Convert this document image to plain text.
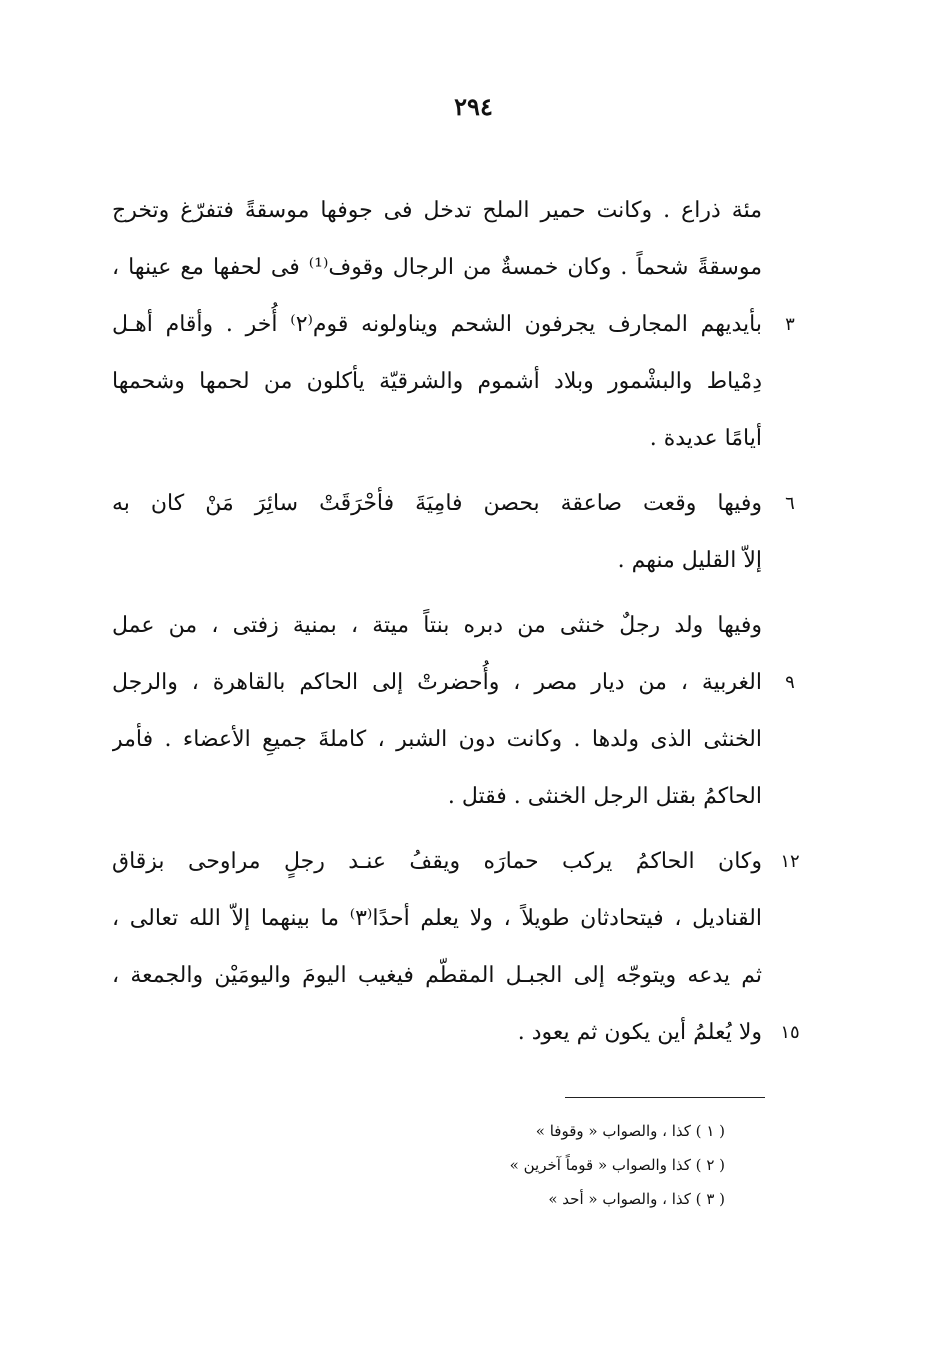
٢٩٤
مئة ذراع . وكانت حمير الملح تدخل فى جوفها موسقةً فتفرّغ وتخرج
موسقةً شحماً . وكان خمسةٌ من الرجال وقوف⁽¹⁾ فى لحفها مع عينها ،
بأيديهم المجارف يجرفون الشحم ويناولونه قوم⁽٢⁾ أُخر . وأقام أهـل
دِمْياط والبشْمور وبلاد أشموم والشرقيّة يأكلون من لحمها وشحمها
أيامًا عديدة .
وفيها وقعت صاعقة بحصن فامِيَةَ فأحْرَقَتْ سائِرَ مَنْ كان به
إلاّ القليل منهم .
وفيها ولد رجلٌ خنثى من دبره بنتاً ميتة ، بمنية زفتى ، من عمل
الغربية ، من ديار مصر ، وأُحضرتْ إلى الحاكم بالقاهرة ، والرجل
الخنثى الذى ولدها . وكانت دون الشبر ، كاملةَ جميعِ الأعضاء . فأمر
الحاكمُ بقتل الرجل الخنثى . فقتل .
وكان الحاكمُ يركب حمارَه ويقفُ عنـد رجلٍ مراوحى بزقاق
القناديل ، فيتحادثان طويلاً ، ولا يعلم أحدًا⁽٣⁾ ما بينهما إلاّ الله تعالى ،
ثم يدعه ويتوجّه إلى الجبـل المقطّم فيغيب اليومَ واليومَيْن والجمعة ،
ولا يُعلمُ أين يكون ثم يعود .
٣
٦
٩
١٢
١٥
( ١ ) كذا ، والصواب « وقوفا »
( ٢ ) كذا والصواب « قوماً آخرين »
( ٣ ) كذا ، والصواب « أحد »
